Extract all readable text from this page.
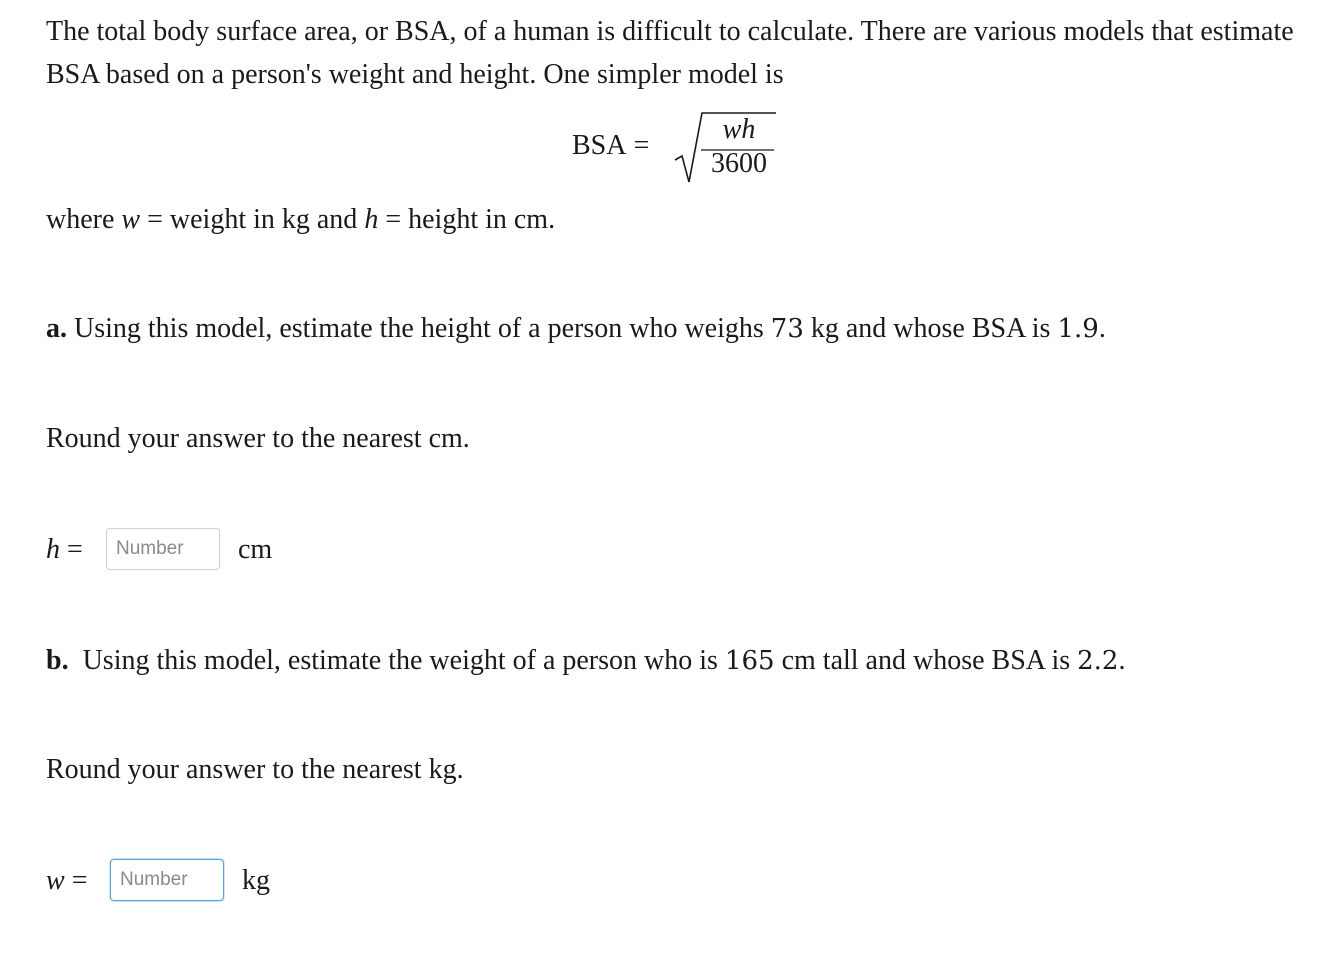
The total body surface area, or BSA, of a human is difficult to calculate. There are various models that estimate BSA based on a person's weight and height. One simpler model is

BSA =
wh
3600

where w = weight in kg and h = height in cm.

a. Using this model, estimate the height of a person who weighs 73 kg and whose BSA is 1.9.

Round your answer to the nearest cm.

h =
Number	cm

b. Using this model, estimate the weight of a person who is 165 cm tall and whose BSA is 2.2.

Round your answer to the nearest kg.

w =
Number	kg
